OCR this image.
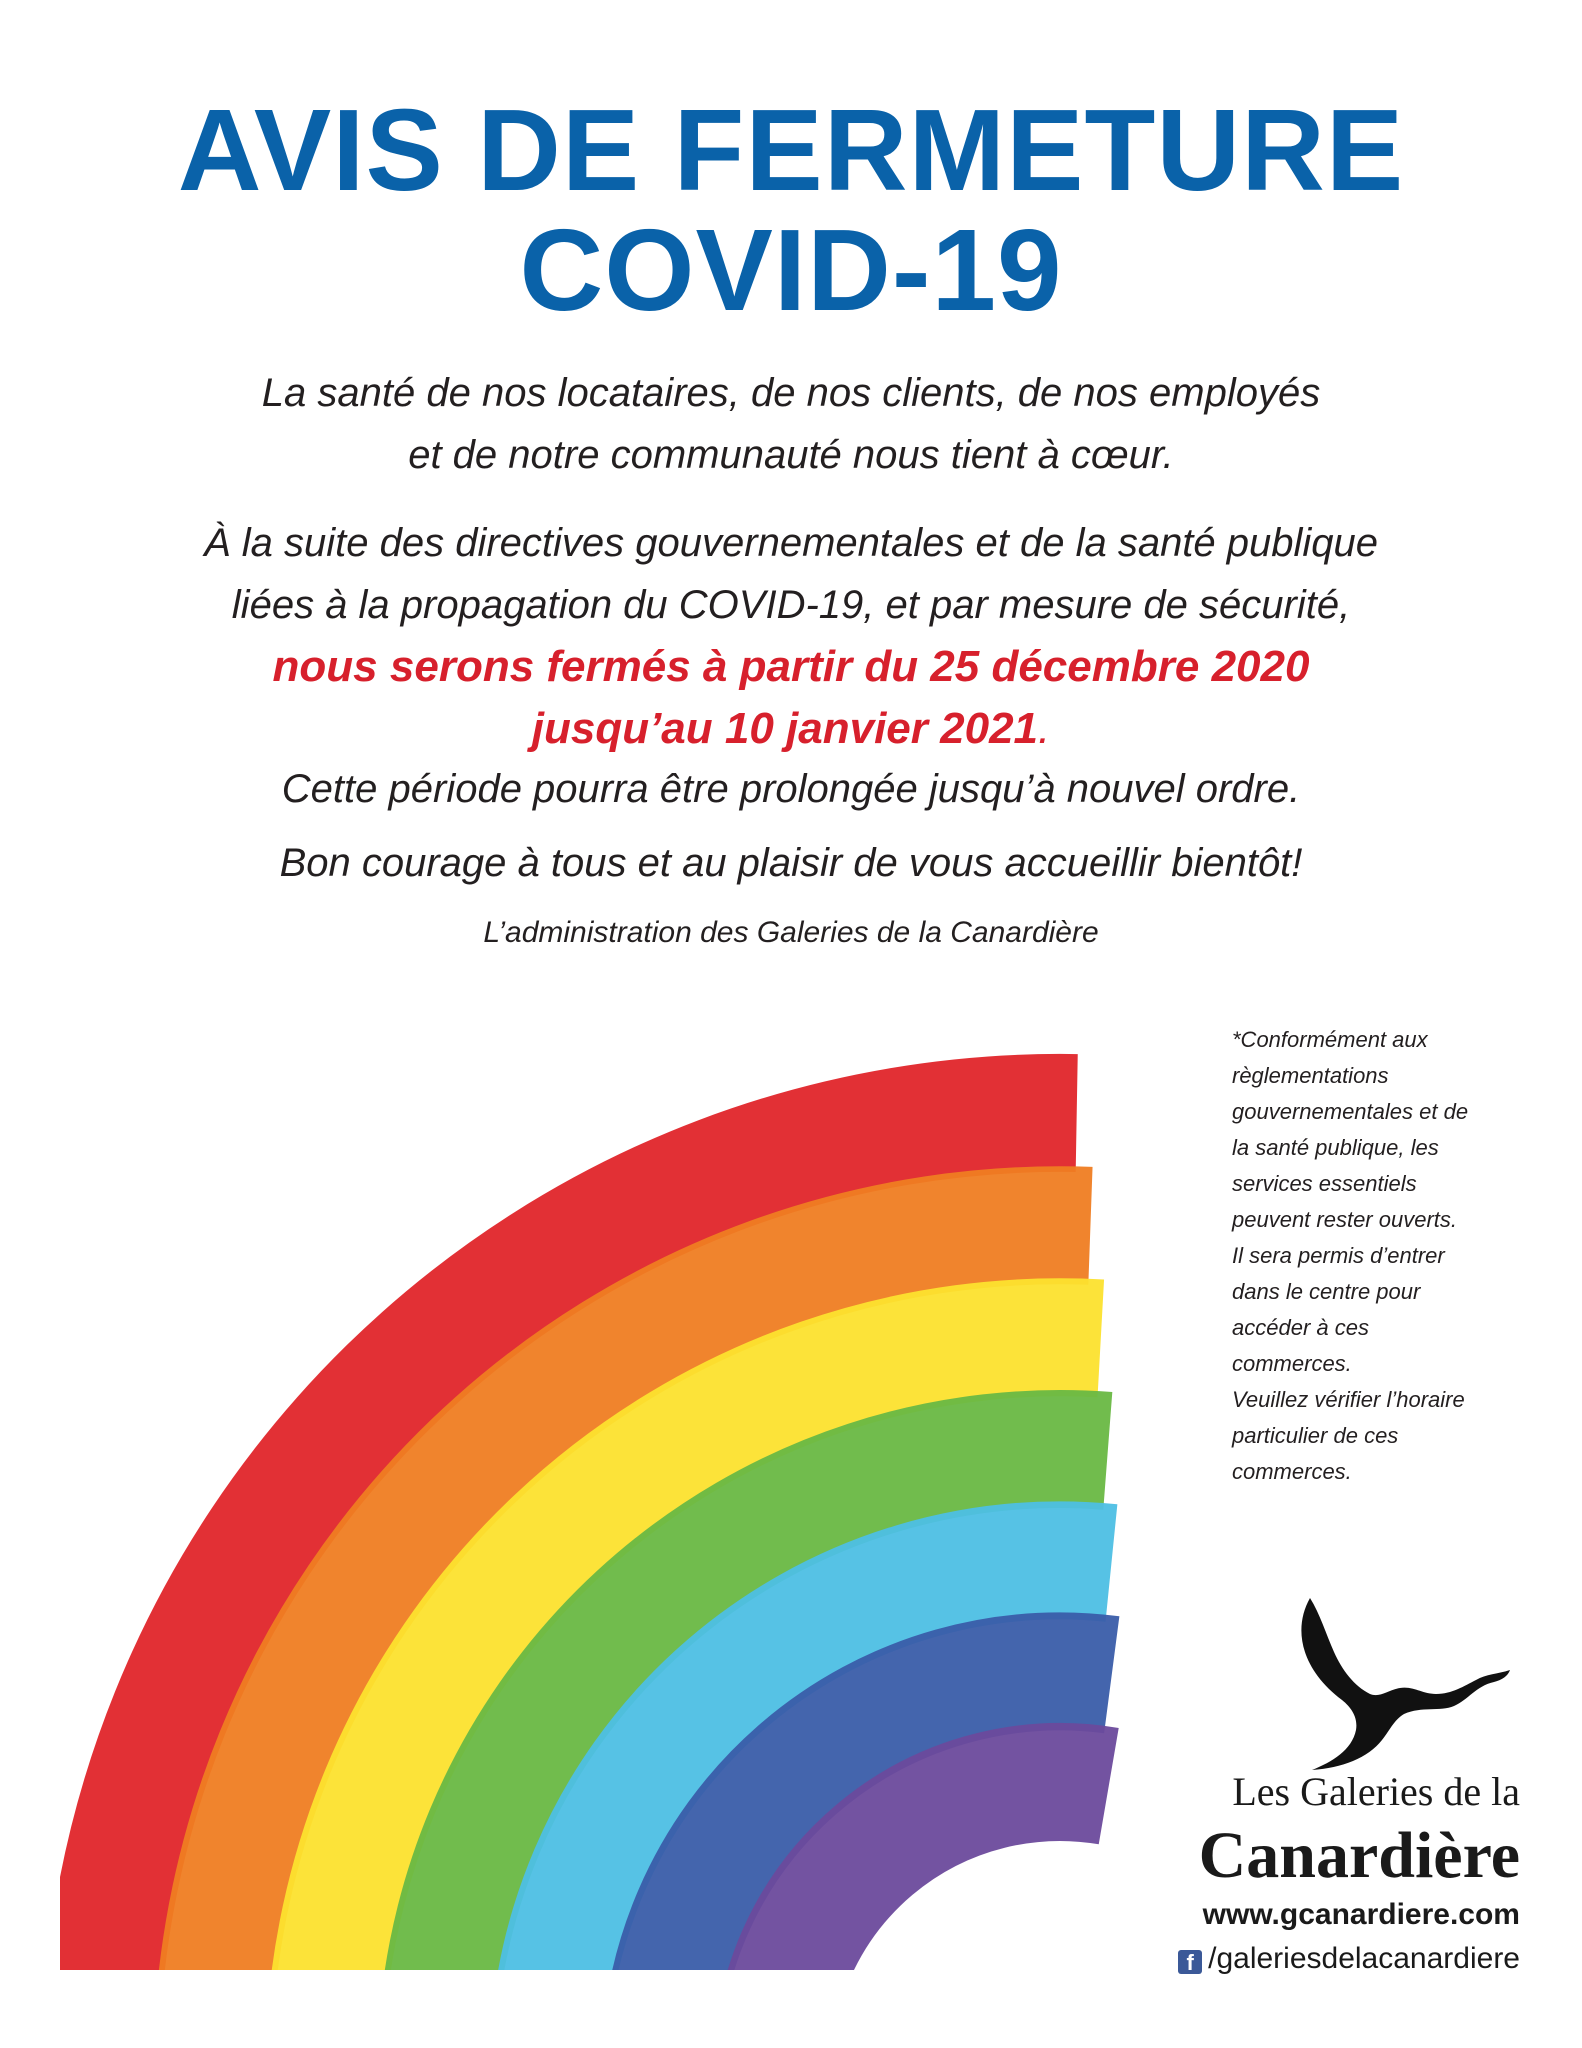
AVIS DE FERMETURE
COVID-19

La santé de nos locataires, de nos clients, de nos employés
et de notre communauté nous tient à cœur.

À la suite des directives gouvernementales et de la santé publique
liées à la propagation du COVID-19, et par mesure de sécurité,
nous serons fermés à partir du 25 décembre 2020
jusqu’au 10 janvier 2021.

Cette période pourra être prolongée jusqu’à nouvel ordre.

Bon courage à tous et au plaisir de vous accueillir bientôt!

L’administration des Galeries de la Canardière

*Conformément aux
règlementations
gouvernementales et de
la santé publique, les
services essentiels
peuvent rester ouverts.
Il sera permis d’entrer
dans le centre pour
accéder à ces
commerces.
Veuillez vérifier l’horaire
particulier de ces
commerces.
Les Galeries de la
Canardière
www.gcanardiere.com
f /galeriesdelacanardiere
